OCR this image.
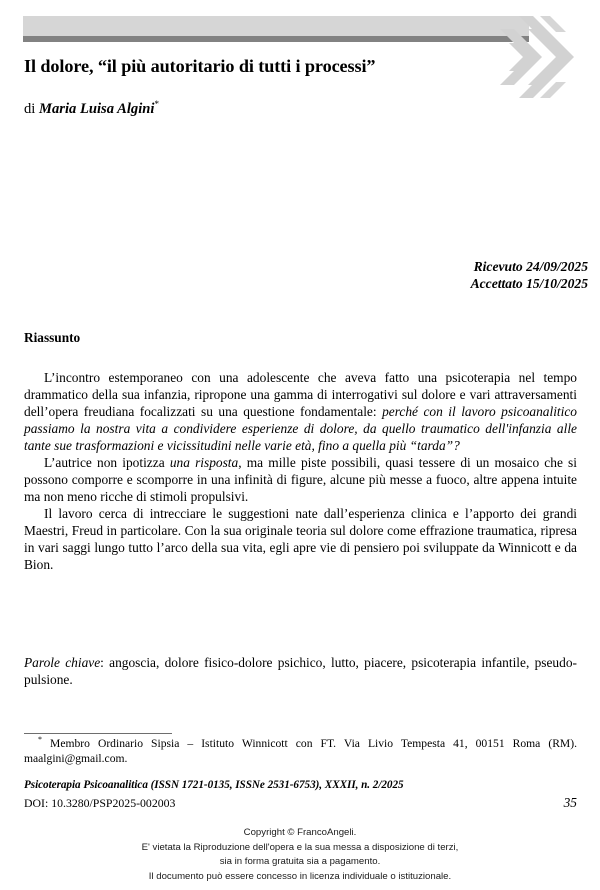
Il dolore, “il più autoritario di tutti i processi”
di Maria Luisa Algini*
Ricevuto 24/09/2025
Accettato 15/10/2025
Riassunto

L’incontro estemporaneo con una adolescente che aveva fatto una psicoterapia nel tempo drammatico della sua infanzia, ripropone una gamma di interrogativi sul dolore e vari attraversamenti dell’opera freudiana focalizzati su una questione fondamentale: perché con il lavoro psicoanalitico passiamo la nostra vita a condividere esperienze di dolore, da quello traumatico dell'infanzia alle tante sue trasformazioni e vicissitudini nelle varie età, fino a quella più “tarda”?

L’autrice non ipotizza una risposta, ma mille piste possibili, quasi tessere di un mosaico che si possono comporre e scomporre in una infinità di figure, alcune più messe a fuoco, altre appena intuite ma non meno ricche di stimoli propulsivi.

Il lavoro cerca di intrecciare le suggestioni nate dall’esperienza clinica e l’apporto dei grandi Maestri, Freud in particolare. Con la sua originale teoria sul dolore come effrazione traumatica, ripresa in vari saggi lungo tutto l’arco della sua vita, egli apre vie di pensiero poi sviluppate da Winnicott e da Bion.

Parole chiave: angoscia, dolore fisico-dolore psichico, lutto, piacere, psicoterapia infantile, pseudo-pulsione.
* Membro Ordinario Sipsia – Istituto Winnicott con FT. Via Livio Tempesta 41, 00151 Roma (RM). maalgini@gmail.com.
Psicoterapia Psicoanalitica (ISSN 1721-0135, ISSNe 2531-6753), XXXII, n. 2/2025
DOI: 10.3280/PSP2025-002003	35
Copyright © FrancoAngeli.
E' vietata la Riproduzione dell'opera e la sua messa a disposizione di terzi,
sia in forma gratuita sia a pagamento.
Il documento può essere concesso in licenza individuale o istituzionale.
